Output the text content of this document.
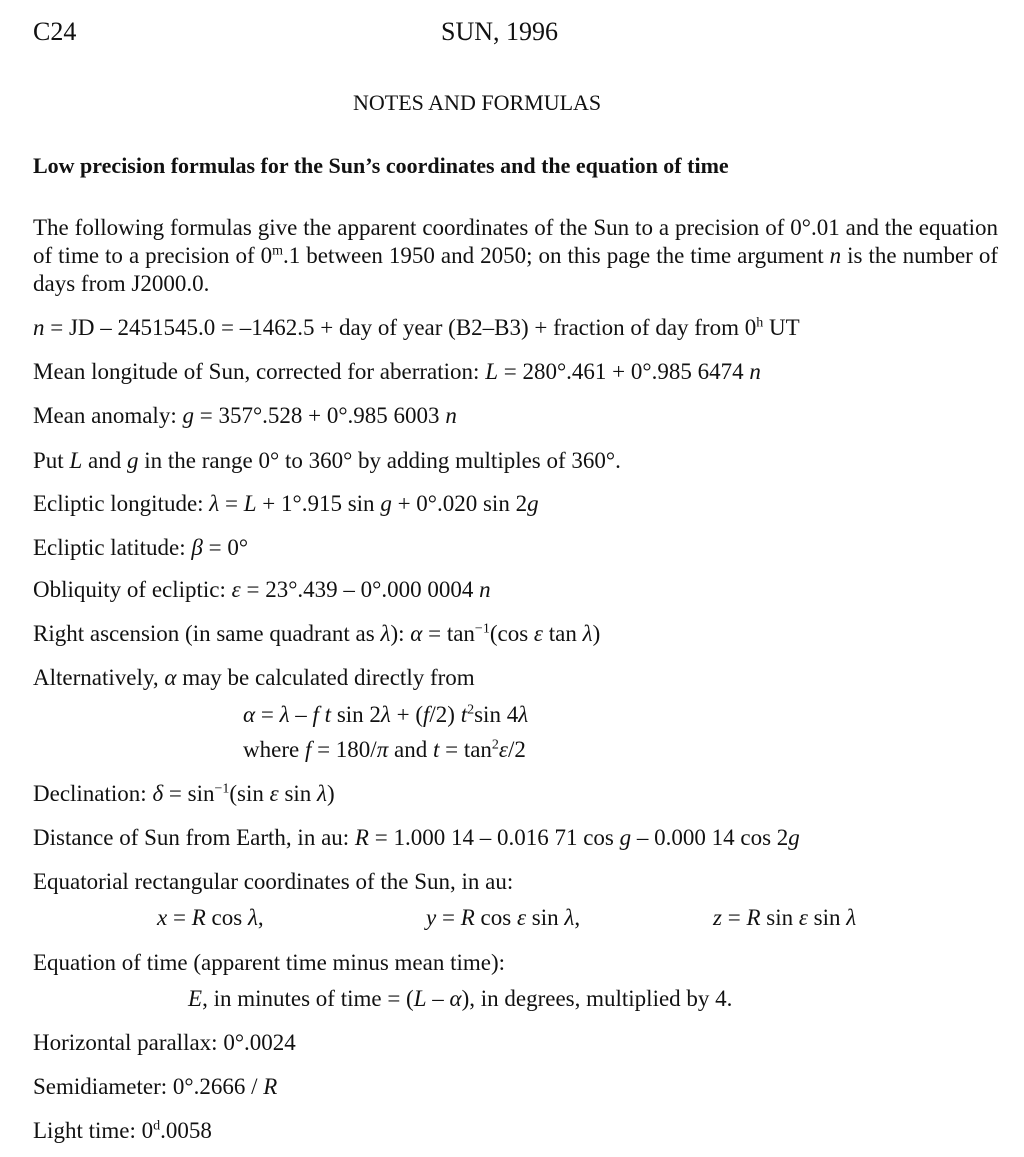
C24	SUN, 1996
NOTES AND FORMULAS
Low precision formulas for the Sun’s coordinates and the equation of time
The following formulas give the apparent coordinates of the Sun to a precision of 0°.01 and the equation of time to a precision of 0$^m$.1 between 1950 and 2050; on this page the time argument n is the number of days from J2000.0.
n = JD – 2451545.0 = –1462.5 + day of year (B2–B3) + fraction of day from 0$^h$ UT
Mean longitude of Sun, corrected for aberration: L = 280°.461 + 0°.985 6474 n
Mean anomaly: g = 357°.528 + 0°.985 6003 n
Put L and g in the range 0° to 360° by adding multiples of 360°.
Ecliptic longitude: λ = L + 1°.915 sin g + 0°.020 sin 2g
Ecliptic latitude: β = 0°
Obliquity of ecliptic: ε = 23°.439 – 0°.000 0004 n
Right ascension (in same quadrant as λ): $\alpha = \tan^{-1}(\cos$ ε tan λ)
Alternatively, α may be calculated directly from
α = λ – f t sin 2λ + (f/2) $t^2\sin$ 4λ
where f = 180/π and $t = \tan^2\varepsilon/2$
Declination: $\delta = \sin^{-1}(\sin$ ε sin λ)
Distance of Sun from Earth, in au: R = 1.000 14 – 0.016 71 cos g – 0.000 14 cos 2g
Equatorial rectangular coordinates of the Sun, in au:
x = R cos λ,	y = R cos ε sin λ,	z = R sin ε sin λ
Equation of time (apparent time minus mean time):
E, in minutes of time = (L – α), in degrees, multiplied by 4.
Horizontal parallax: 0°.0024
Semidiameter: 0°.2666 / R
Light time: 0$^d$.0058
